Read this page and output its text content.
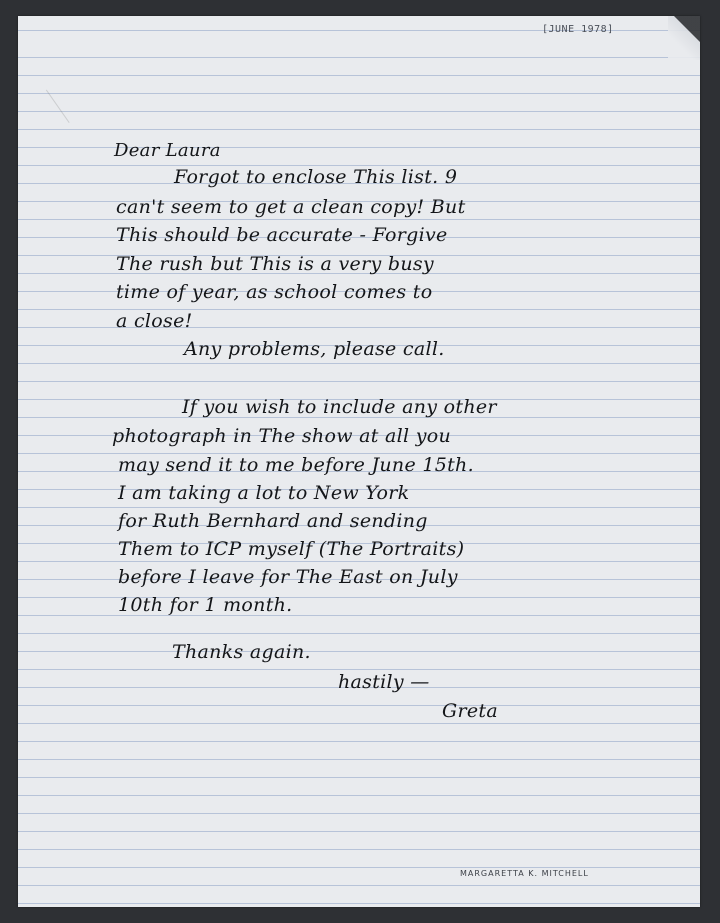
[JUNE 1978]
Dear Laura
Forgot to enclose This list. 9
can't seem to get a clean copy! But
This should be accurate - Forgive
The rush but This is a very busy
time of year, as school comes to
a close!
Any problems, please call.
If you wish to include any other
photograph in The show at all you
may send it to me before June 15th.
I am taking a lot to New York
for Ruth Bernhard and sending
Them to ICP myself (The Portraits)
before I leave for The East on July
10th for 1 month.
Thanks again.
hastily —
Greta
MARGARETTA K. MITCHELL
